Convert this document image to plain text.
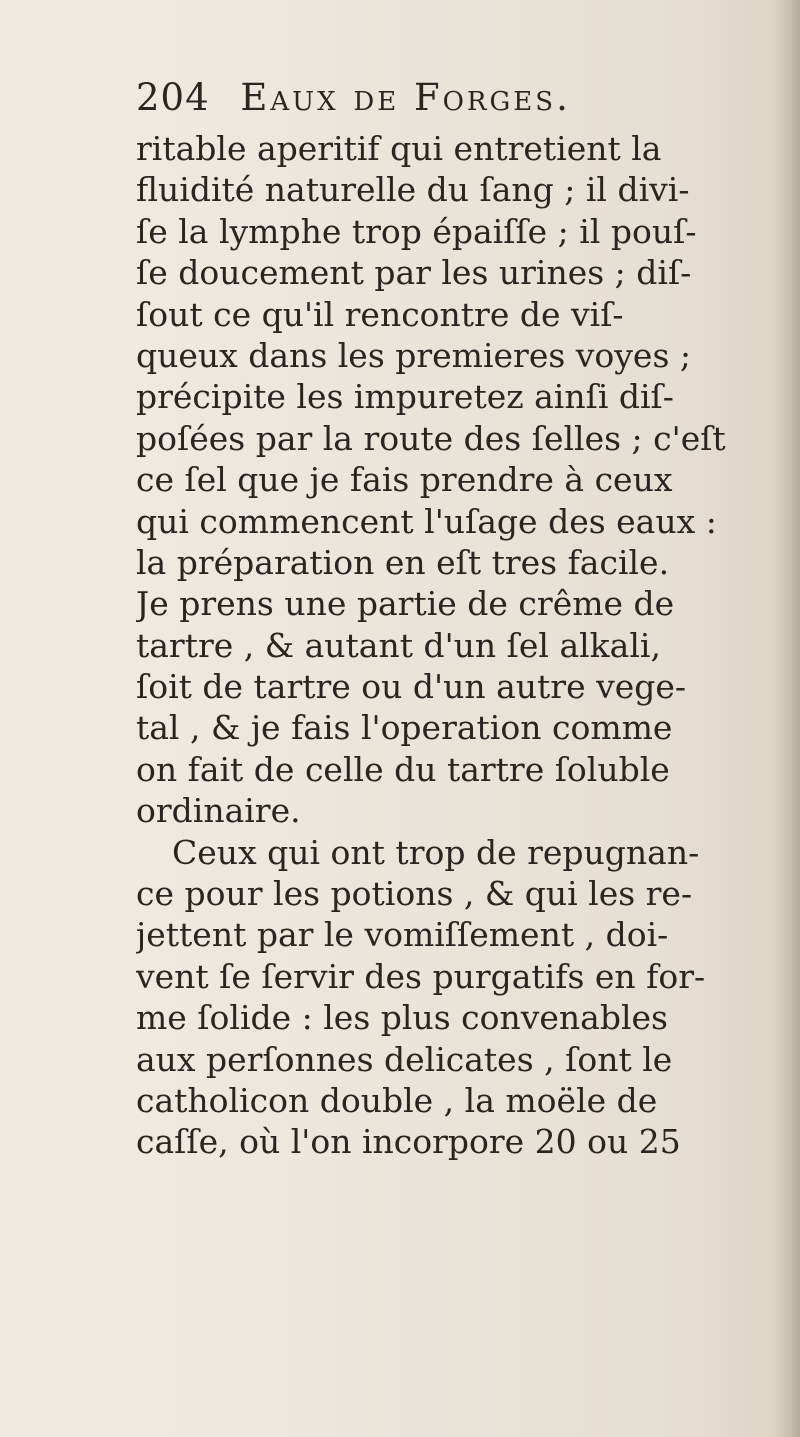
204 Eaux de Forges.
ritable aperitif qui entretient la
fluidité naturelle du ſang ; il divi-
ſe la lymphe trop épaiſſe ; il pouſ-
ſe doucement par les urines ; diſ-
ſout ce qu'il rencontre de viſ-
queux dans les premieres voyes ;
précipite les impuretez ainſi diſ-
poſées par la route des ſelles ; c'eſt
ce ſel que je fais prendre à ceux
qui commencent l'uſage des eaux :
la préparation en eſt tres facile.
Je prens une partie de crême de
tartre , & autant d'un ſel alkali,
ſoit de tartre ou d'un autre vege-
tal , & je fais l'operation comme
on fait de celle du tartre ſoluble
ordinaire.
Ceux qui ont trop de repugnan-
ce pour les potions , & qui les re-
jettent par le vomiſſement , doi-
vent ſe ſervir des purgatifs en for-
me ſolide : les plus convenables
aux perſonnes delicates , ſont le
catholicon double , la moële de
caſſe, où l'on incorpore 20 ou 25
